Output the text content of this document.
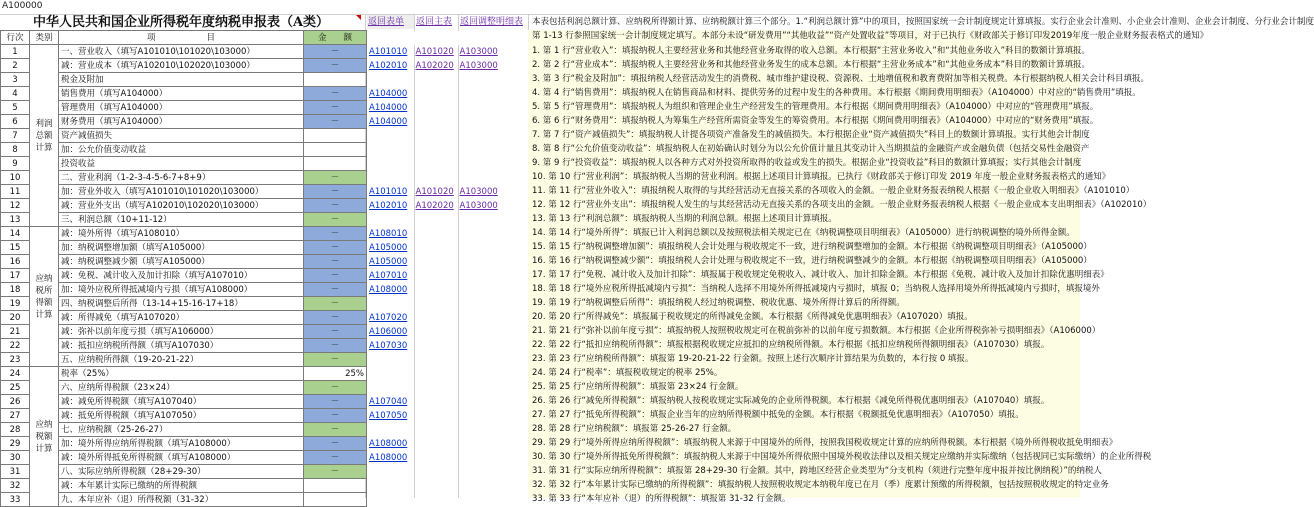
A100000
中华人民共和国企业所得税年度纳税申报表（A类）	返回表单	返回主表 返回调整明细表 本表包括利润总额计算、应纳税所得额计算、应纳税额计算三个部分。1.“利润总额计算”中的项目，按照国家统一会计制度规定计算填报。实行企业会计准则、小企业会计准则、企业会计制度、分行业会计制度
第 1-13 行参照国家统一会计制度规定填写。本部分未设“研发费用”“其他收益”“资产处置收益”等项目，对于已执行《财政部关于修订印发2019年度一般企业财务报表格式的通知》
行次	类别	项　　　　　　目	金　　额			
1	利润总额计算	一、营业收入（填写A101010\101020\103000）	－	A101010	A101020	A103000
2		减：营业成本（填写A102010\102020\103000）	－	A102010	A102020	A103000
3		税金及附加				
4		销售费用（填写A104000）	－	A104000		
5		管理费用（填写A104000）	－	A104000		
6		财务费用（填写A104000）	－	A104000		
7		资产减值损失				
8		加：公允价值变动收益				
9		投资收益				
10		二、营业利润（1-2-3-4-5-6-7+8+9）	－			
11		加：营业外收入（填写A101010\101020\103000）	－	A101010	A101020	A103000
12		减：营业外支出（填写A102010\102020\103000）	－	A102010	A102020	A103000
13		三、利润总额（10+11-12）	－			
14	应纳税所得额计算	减：境外所得（填写A108010）	－	A108010		
15		加：纳税调整增加额（填写A105000）	－	A105000		
16		减：纳税调整减少额（填写A105000）	－	A105000		
17		减：免税、减计收入及加计扣除（填写A107010）	－	A107010		
18		加：境外应税所得抵减境内亏损（填写A108000）	－	A108000		
19		四、纳税调整后所得（13-14+15-16-17+18）	－			
20		减：所得减免（填写A107020）	－	A107020		
21		减：弥补以前年度亏损（填写A106000）	－	A106000		
22		减：抵扣应纳税所得额（填写A107030）	－	A107030		
23		五、应纳税所得额（19-20-21-22）	－			
24	应纳税额计算	税率（25%）	25%			
25		六、应纳所得税额（23×24）	－			
26		减：减免所得税额（填写A107040）	－	A107040		
27		减：抵免所得税额（填写A107050）	－	A107050		
28		七、应纳税额（25-26-27）	－			
29		加：境外所得应纳所得税额（填写A108000）	－	A108000		
30		减：境外所得抵免所得税额（填写A108000）	－	A108000		
31		八、实际应纳所得税额（28+29-30）	－			
32		减：本年累计实际已缴纳的所得税额				
33		九、本年应补（退）所得税额（31-32）				
1. 第 1 行“营业收入”：填报纳税人主要经营业务和其他经营业务取得的收入总额。本行根据“主营业务收入”和“其他业务收入”科目的数额计算填报。
2. 第 2 行“营业成本”：填报纳税人主要经营业务和其他经营业务发生的成本总额。本行根据“主营业务成本”和“其他业务成本”科目的数额计算填报。
3. 第 3 行“税金及附加”：填报纳税人经营活动发生的消费税、城市维护建设税、资源税、土地增值税和教育费附加等相关税费。本行根据纳税人相关会计科目填报。
4. 第 4 行“销售费用”：填报纳税人在销售商品和材料、提供劳务的过程中发生的各种费用。本行根据《期间费用明细表》（A104000）中对应的“销售费用”填报。
5. 第 5 行“管理费用”：填报纳税人为组织和管理企业生产经营发生的管理费用。本行根据《期间费用明细表》（A104000）中对应的“管理费用”填报。
6. 第 6 行“财务费用”：填报纳税人为筹集生产经营所需资金等发生的筹资费用。本行根据《期间费用明细表》（A104000）中对应的“财务费用”填报。
7. 第 7 行“资产减值损失”：填报纳税人计提各项资产准备发生的减值损失。本行根据企业“资产减值损失”科目上的数额计算填报。实行其他会计制度
8. 第 8 行“公允价值变动收益”：填报纳税人在初始确认时划分为以公允价值计量且其变动计入当期损益的金融资产或金融负债（包括交易性金融资产
9. 第 9 行“投资收益”：填报纳税人以各种方式对外投资所取得的收益或发生的损失。根据企业“投资收益”科目的数额计算填报；实行其他会计制度
10. 第 10 行“营业利润”：填报纳税人当期的营业利润。根据上述项目计算填报。已执行《财政部关于修订印发 2019 年度一般企业财务报表格式的通知》
11. 第 11 行“营业外收入”：填报纳税人取得的与其经营活动无直接关系的各项收入的金额。一般企业财务报表纳税人根据《一般企业收入明细表》（A101010）
12. 第 12 行“营业外支出”：填报纳税人发生的与其经营活动无直接关系的各项支出的金额。一般企业财务报表纳税人根据《一般企业成本支出明细表》（A102010）
13. 第 13 行“利润总额”：填报纳税人当期的利润总额。根据上述项目计算填报。
14. 第 14 行“境外所得”：填报已计入利润总额以及按照税法相关规定已在《纳税调整项目明细表》（A105000）进行纳税调整的境外所得金额。
15. 第 15 行“纳税调整增加额”：填报纳税人会计处理与税收规定不一致，进行纳税调整增加的金额。本行根据《纳税调整项目明细表》（A105000）
16. 第 16 行“纳税调整减少额”：填报纳税人会计处理与税收规定不一致，进行纳税调整减少的金额。本行根据《纳税调整项目明细表》（A105000）
17. 第 17 行“免税、减计收入及加计扣除”：填报属于税收规定免税收入、减计收入、加计扣除金额。本行根据《免税、减计收入及加计扣除优惠明细表》
18. 第 18 行“境外应税所得抵减境内亏损”：当纳税人选择不用境外所得抵减境内亏损时，填报 0；当纳税人选择用境外所得抵减境内亏损时，填报境外
19. 第 19 行“纳税调整后所得”：填报纳税人经过纳税调整、税收优惠、境外所得计算后的所得额。
20. 第 20 行“所得减免”：填报属于税收规定的所得减免金额。本行根据《所得减免优惠明细表》（A107020）填报。
21. 第 21 行“弥补以前年度亏损”：填报纳税人按照税收规定可在税前弥补的以前年度亏损数额。本行根据《企业所得税弥补亏损明细表》（A106000）
22. 第 22 行“抵扣应纳税所得额”：填报根据税收规定应抵扣的应纳税所得额。本行根据《抵扣应纳税所得额明细表》（A107030）填报。
23. 第 23 行“应纳税所得额”：填报第 19-20-21-22 行金额。按照上述行次顺序计算结果为负数的，本行按 0 填报。
24. 第 24 行“税率”：填报税收规定的税率 25%。
25. 第 25 行“应纳所得税额”：填报第 23×24 行金额。
26. 第 26 行“减免所得税额”：填报纳税人按税收规定实际减免的企业所得税额。本行根据《减免所得税优惠明细表》（A107040）填报。
27. 第 27 行“抵免所得税额”：填报企业当年的应纳所得税额中抵免的金额。本行根据《税额抵免优惠明细表》（A107050）填报。
28. 第 28 行“应纳税额”：填报第 25-26-27 行金额。
29. 第 29 行“境外所得应纳所得税额”：填报纳税人来源于中国境外的所得，按照我国税收规定计算的应纳所得税额。本行根据《境外所得税收抵免明细表》
30. 第 30 行“境外所得抵免所得税额”：填报纳税人来源于中国境外所得依照中国境外税收法律以及相关规定应缴纳并实际缴纳（包括视同已实际缴纳）的企业所得税
31. 第 31 行“实际应纳所得税额”：填报第 28+29-30 行金额。其中，跨地区经营企业类型为“分支机构（须进行完整年度申报并按比例纳税）”的纳税人
32. 第 32 行“本年累计实际已缴纳的所得税额”：填报纳税人按照税收规定本纳税年度已在月（季）度累计预缴的所得税额，包括按照税收规定的特定业务
33. 第 33 行“本年应补（退）的所得税额”：填报第 31-32 行金额。
